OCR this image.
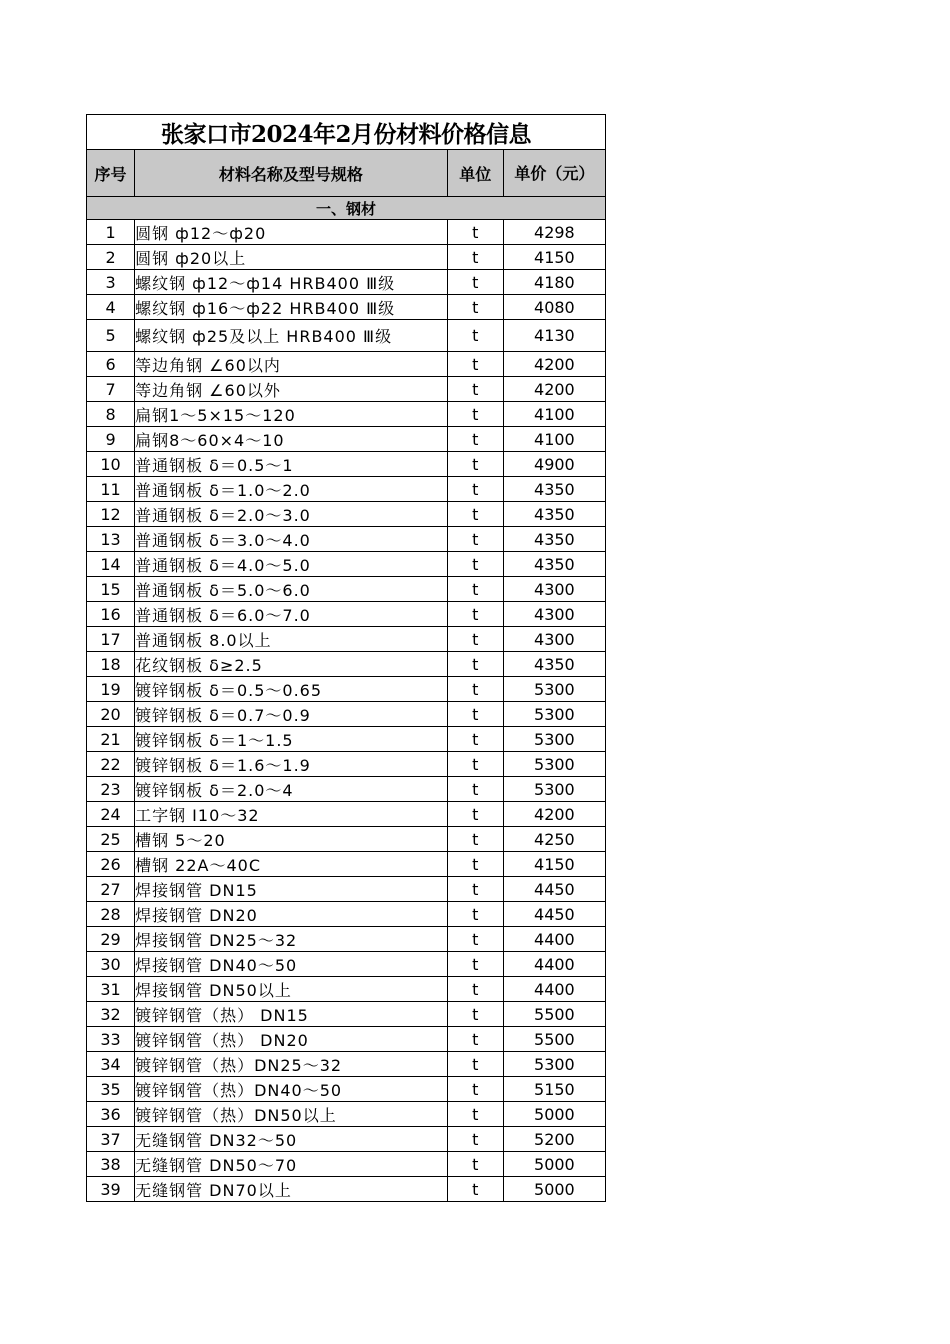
张家口市2024年2月份材料价格信息			
序号	材料名称及型号规格	单位	单价（元）
一、钢材			
1	圆钢 ф12～ф20	t	4298
2	圆钢 ф20以上	t	4150
3	螺纹钢 ф12～ф14 HRB400 Ⅲ级	t	4180
4	螺纹钢 ф16～ф22 HRB400 Ⅲ级	t	4080
5	螺纹钢 ф25及以上 HRB400 Ⅲ级	t	4130
6	等边角钢 ∠60以内	t	4200
7	等边角钢 ∠60以外	t	4200
8	扁钢1～5×15～120	t	4100
9	扁钢8～60×4～10	t	4100
10	普通钢板 δ＝0.5～1	t	4900
11	普通钢板 δ＝1.0～2.0	t	4350
12	普通钢板 δ＝2.0～3.0	t	4350
13	普通钢板 δ＝3.0～4.0	t	4350
14	普通钢板 δ＝4.0～5.0	t	4350
15	普通钢板 δ＝5.0～6.0	t	4300
16	普通钢板 δ＝6.0～7.0	t	4300
17	普通钢板 8.0以上	t	4300
18	花纹钢板 δ≥2.5	t	4350
19	镀锌钢板 δ＝0.5～0.65	t	5300
20	镀锌钢板 δ＝0.7～0.9	t	5300
21	镀锌钢板 δ＝1～1.5	t	5300
22	镀锌钢板 δ＝1.6～1.9	t	5300
23	镀锌钢板 δ＝2.0～4	t	5300
24	工字钢 Ⅰ10～32	t	4200
25	槽钢 5～20	t	4250
26	槽钢 22A～40C	t	4150
27	焊接钢管 DN15	t	4450
28	焊接钢管 DN20	t	4450
29	焊接钢管 DN25～32	t	4400
30	焊接钢管 DN40～50	t	4400
31	焊接钢管 DN50以上	t	4400
32	镀锌钢管（热） DN15	t	5500
33	镀锌钢管（热） DN20	t	5500
34	镀锌钢管（热）DN25～32	t	5300
35	镀锌钢管（热）DN40～50	t	5150
36	镀锌钢管（热）DN50以上	t	5000
37	无缝钢管 DN32～50	t	5200
38	无缝钢管 DN50～70	t	5000
39	无缝钢管 DN70以上	t	5000
